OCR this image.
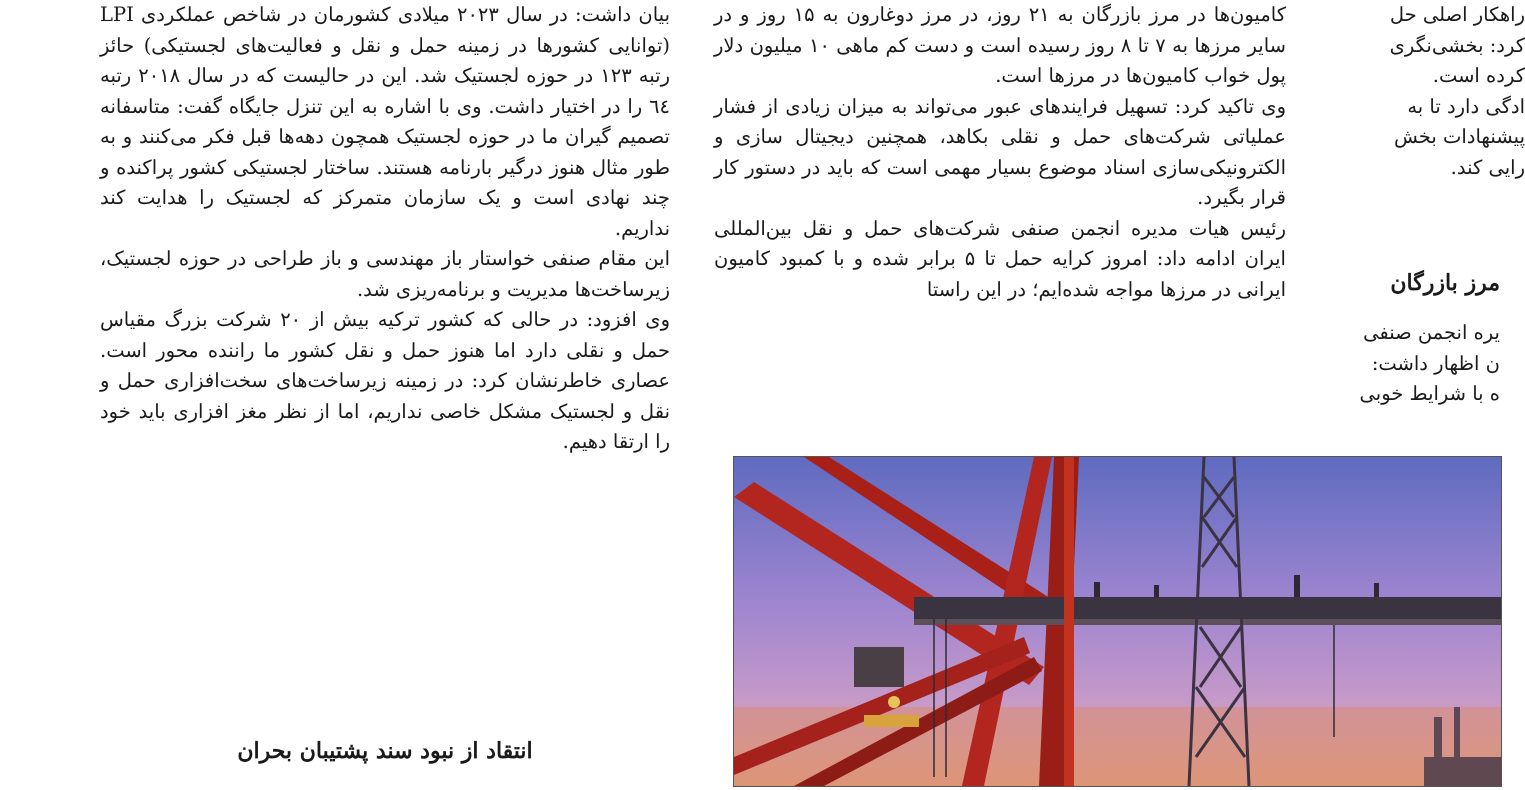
بیان داشت: در سال ۲۰۲۳ میلادی کشورمان در شاخص عملکردی LPI (توانایی کشورها در زمینه حمل و نقل و فعالیت‌های لجستیکی) حائز رتبه ۱۲۳ در حوزه لجستیک شد. این در حالیست که در سال ۲۰۱۸ رتبه ٦٤ را در اختیار داشت. وی با اشاره به این تنزل جایگاه گفت: متاسفانه تصمیم گیران ما در حوزه لجستیک همچون دهه‌ها قبل فکر می‌کنند و به طور مثال هنوز درگیر بارنامه هستند. ساختار لجستیکی کشور پراکنده و چند نهادی است و یک سازمان متمرکز که لجستیک را هدایت کند نداریم.

این مقام صنفی خواستار باز مهندسی و باز طراحی در حوزه لجستیک، زیرساخت‌ها مدیریت و برنامه‌ریزی شد.

وی افزود: در حالی که کشور ترکیه بیش از ۲۰ شرکت بزرگ مقیاس حمل و نقلی دارد اما هنوز حمل و نقل کشور ما راننده محور است. عصاری خاطرنشان کرد: در زمینه زیرساخت‌های سخت‌افزاری حمل و نقل و لجستیک مشکل خاصی نداریم، اما از نظر مغز افزاری باید خود را ارتقا دهیم.

انتقاد از نبود سند پشتیبان بحران

کامیون‌ها در مرز بازرگان به ۲۱ روز، در مرز دوغارون به ۱۵ روز و در سایر مرزها به ۷ تا ۸ روز رسیده است و دست کم ماهی ۱۰ میلیون دلار پول خواب کامیون‌ها در مرزها است.

وی تاکید کرد: تسهیل فرایندهای عبور می‌تواند به میزان زیادی از فشار عملیاتی شرکت‌های حمل و نقلی بکاهد، همچنین دیجیتال سازی و الکترونیکی‌سازی اسناد موضوع بسیار مهمی است که باید در دستور کار قرار بگیرد.

رئیس هیات مدیره انجمن صنفی شرکت‌های حمل و نقل بین‌المللی ایران ادامه داد: امروز کرایه حمل تا ۵ برابر شده و با کمبود کامیون ایرانی در مرزها مواجه شده‌ایم؛ در این راستا

راهکار اصلی حل
کرد: بخشی‌نگری
کرده است.
ادگی دارد تا به
پیشنهادات بخش
رایی کند.
مرز بازرگان
یره انجمن صنفی
ن اظهار داشت:
ه با شرایط خوبی
